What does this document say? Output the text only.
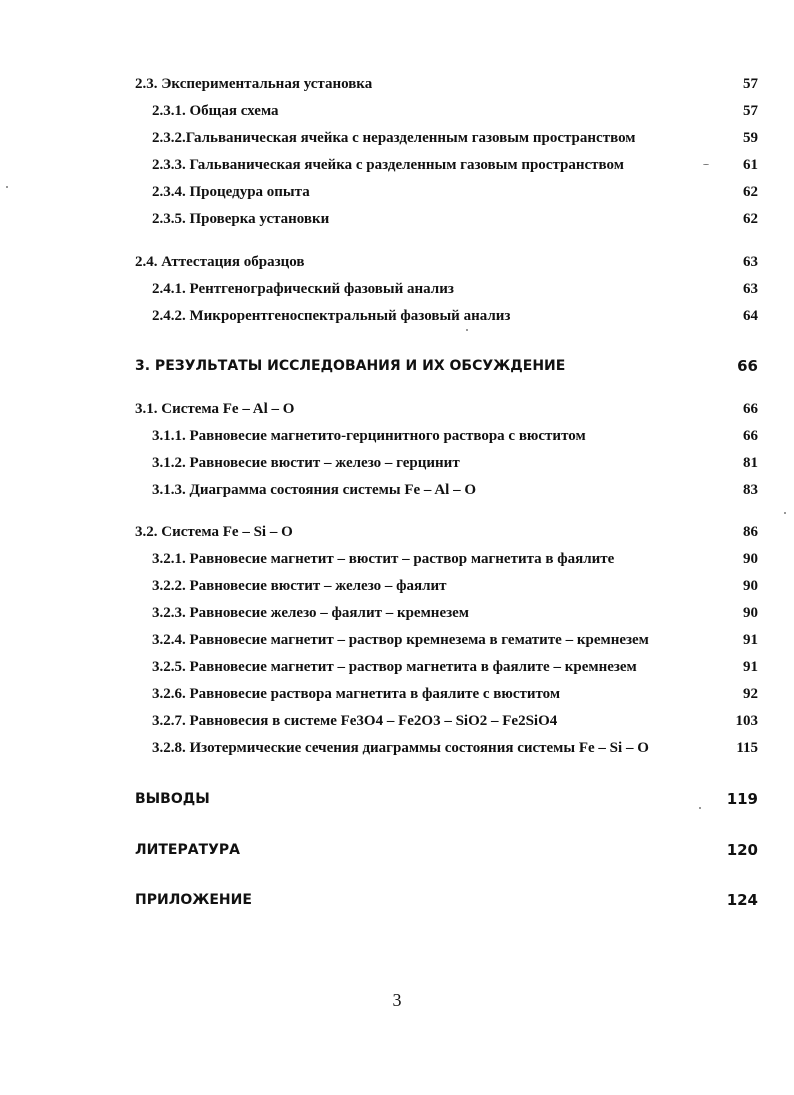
2.3. Экспериментальная установка	57
2.3.1. Общая схема	57
2.3.2.Гальваническая ячейка с неразделенным газовым пространством	59
2.3.3. Гальваническая ячейка с разделенным газовым пространством	61
2.3.4. Процедура опыта	62
2.3.5. Проверка установки	62
2.4. Аттестация образцов	63
2.4.1. Рентгенографический фазовый анализ	63
2.4.2. Микрорентгеноспектральный фазовый анализ	64
3. РЕЗУЛЬТАТЫ ИССЛЕДОВАНИЯ И ИХ ОБСУЖДЕНИЕ	66
3.1. Система Fe – Al – O	66
3.1.1. Равновесие магнетито-герцинитного раствора с вюститом	66
3.1.2. Равновесие вюстит – железо – герцинит	81
3.1.3. Диаграмма состояния системы Fe – Al – O	83
3.2. Система Fe – Si – O	86
3.2.1. Равновесие магнетит – вюстит – раствор магнетита в фаялите	90
3.2.2. Равновесие вюстит – железо – фаялит	90
3.2.3. Равновесие железо – фаялит – кремнезем	90
3.2.4. Равновесие магнетит – раствор кремнезема в гематите – кремнезем	91
3.2.5. Равновесие магнетит – раствор магнетита в фаялите – кремнезем	91
3.2.6. Равновесие раствора магнетита в фаялите с вюститом	92
3.2.7. Равновесия в системе Fe3O4 – Fe2O3 – SiO2 – Fe2SiO4	103
3.2.8. Изотермические сечения диаграммы состояния системы Fe – Si – O	115
ВЫВОДЫ	119
ЛИТЕРАТУРА	120
ПРИЛОЖЕНИЕ	124
3
